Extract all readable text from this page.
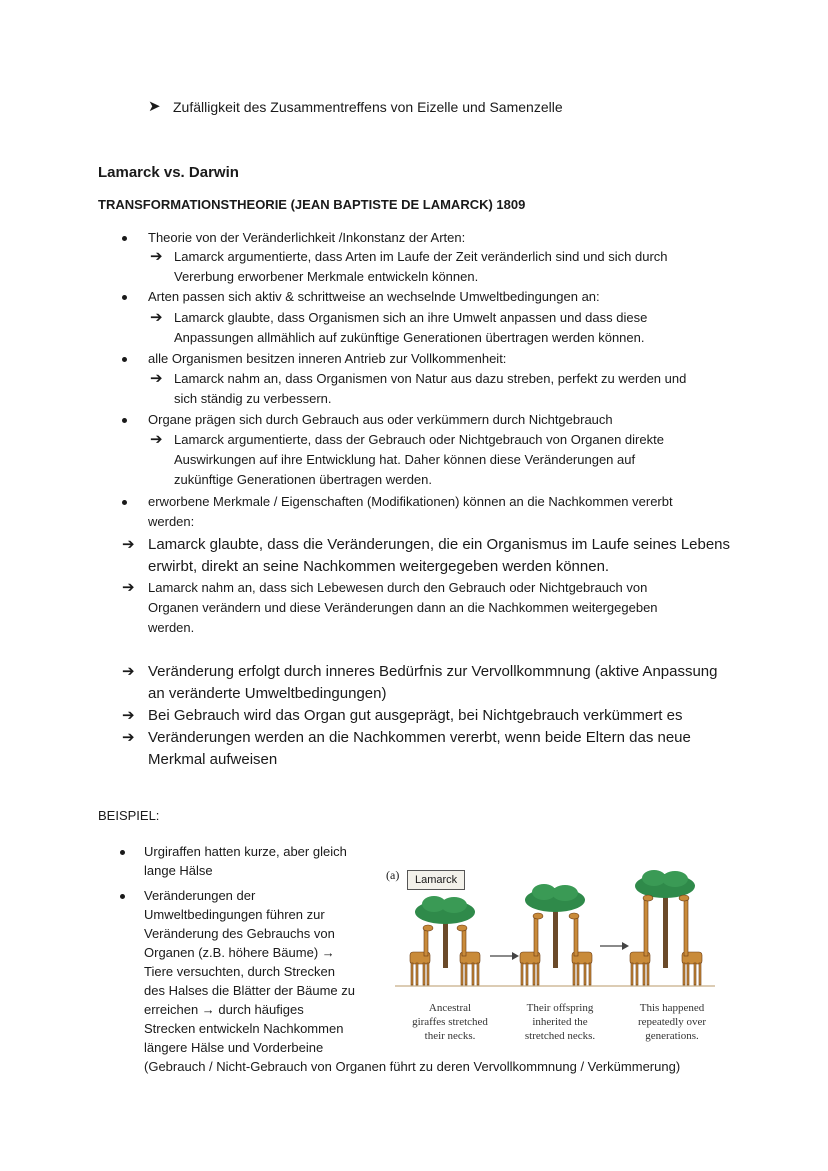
➤ Zufälligkeit des Zusammentreffens von Eizelle und Samenzelle
Lamarck vs. Darwin
TRANSFORMATIONSTHEORIE (JEAN BAPTISTE DE LAMARCK) 1809
Theorie von der Veränderlichkeit /Inkonstanz der Arten:
➔ Lamarck argumentierte, dass Arten im Laufe der Zeit veränderlich sind und sich durch
Vererbung erworbener Merkmale entwickeln können.
Arten passen sich aktiv & schrittweise an wechselnde Umweltbedingungen an:
➔ Lamarck glaubte, dass Organismen sich an ihre Umwelt anpassen und dass diese
Anpassungen allmählich auf zukünftige Generationen übertragen werden können.
alle Organismen besitzen inneren Antrieb zur Vollkommenheit:
➔ Lamarck nahm an, dass Organismen von Natur aus dazu streben, perfekt zu werden und
sich ständig zu verbessern.
Organe prägen sich durch Gebrauch aus oder verkümmern durch Nichtgebrauch
➔ Lamarck argumentierte, dass der Gebrauch oder Nichtgebrauch von Organen direkte
Auswirkungen auf ihre Entwicklung hat. Daher können diese Veränderungen auf
zukünftige Generationen übertragen werden.
erworbene Merkmale / Eigenschaften (Modifikationen) können an die Nachkommen vererbt
werden:
➔ Lamarck glaubte, dass die Veränderungen, die ein Organismus im Laufe seines Lebens
erwirbt, direkt an seine Nachkommen weitergegeben werden können.
➔ Lamarck nahm an, dass sich Lebewesen durch den Gebrauch oder Nichtgebrauch von
Organen verändern und diese Veränderungen dann an die Nachkommen weitergegeben
werden.
➔ Veränderung erfolgt durch inneres Bedürfnis zur Vervollkommnung (aktive Anpassung
an veränderte Umweltbedingungen)
➔ Bei Gebrauch wird das Organ gut ausgeprägt, bei Nichtgebrauch verkümmert es
➔ Veränderungen werden an die Nachkommen vererbt, wenn beide Eltern das neue
Merkmal aufweisen
BEISPIEL:
Urgiraffen hatten kurze, aber gleich
lange Hälse
Veränderungen der
Umweltbedingungen führen zur
Veränderung des Gebrauchs von
Organen (z.B. höhere Bäume) →
Tiere versuchten, durch Strecken
des Halses die Blätter der Bäume zu
erreichen → durch häufiges
Strecken entwickeln Nachkommen
längere Hälse und Vorderbeine
(Gebrauch / Nicht-Gebrauch von Organen führt zu deren Vervollkommnung / Verkümmerung)
(a)	Lamarck
Ancestral
giraffes stretched
their necks.
Their offspring
inherited the
stretched necks.
This happened
repeatedly over
generations.
